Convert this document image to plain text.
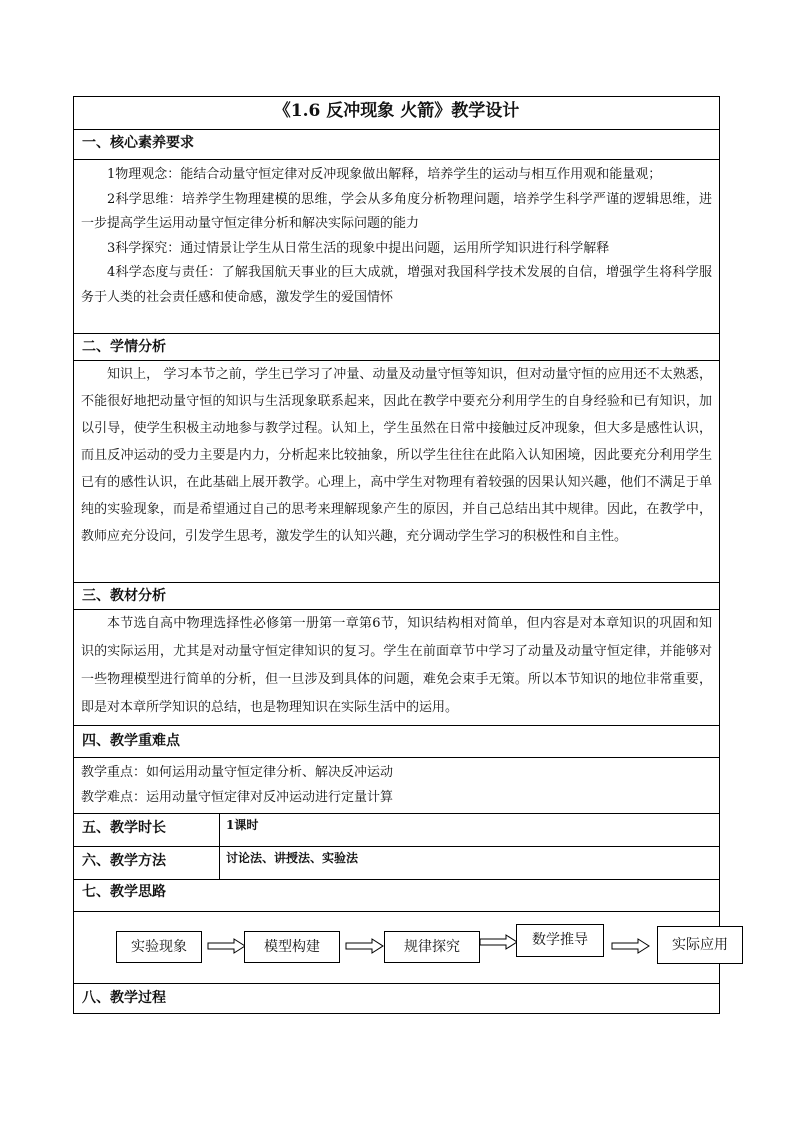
《1.6 反冲现象 火箭》教学设计
一、核心素养要求

1物理观念：能结合动量守恒定律对反冲现象做出解释，培养学生的运动与相互作用观和能量观；

2科学思维：培养学生物理建模的思维，学会从多角度分析物理问题，培养学生科学严谨的逻辑思维，进一步提高学生运用动量守恒定律分析和解决实际问题的能力

3科学探究：通过情景让学生从日常生活的现象中提出问题，运用所学知识进行科学解释

4科学态度与责任：了解我国航天事业的巨大成就，增强对我国科学技术发展的自信，增强学生将科学服务于人类的社会责任感和使命感，激发学生的爱国情怀

二、学情分析

知识上， 学习本节之前，学生已学习了冲量、动量及动量守恒等知识，但对动量守恒的应用还不太熟悉，不能很好地把动量守恒的知识与生活现象联系起来，因此在教学中要充分利用学生的自身经验和已有知识，加以引导，使学生积极主动地参与教学过程。认知上，学生虽然在日常中接触过反冲现象，但大多是感性认识，而且反冲运动的受力主要是内力，分析起来比较抽象，所以学生往往在此陷入认知困境，因此要充分利用学生已有的感性认识，在此基础上展开教学。心理上，高中学生对物理有着较强的因果认知兴趣，他们不满足于单纯的实验现象，而是希望通过自己的思考来理解现象产生的原因，并自己总结出其中规律。因此，在教学中，教师应充分设问，引发学生思考，激发学生的认知兴趣，充分调动学生学习的积极性和自主性。

三、教材分析

本节选自高中物理选择性必修第一册第一章第6节，知识结构相对简单，但内容是对本章知识的巩固和知识的实际运用，尤其是对动量守恒定律知识的复习。学生在前面章节中学习了动量及动量守恒定律，并能够对一些物理模型进行简单的分析，但一旦涉及到具体的问题，难免会束手无策。所以本节知识的地位非常重要，即是对本章所学知识的总结，也是物理知识在实际生活中的运用。

四、教学重难点
教学重点：如何运用动量守恒定律分析、解决反冲运动
教学难点：运用动量守恒定律对反冲运动进行定量计算
五、教学时长	1课时
六、教学方法	讨论法、讲授法、实验法
七、教学思路
实验现象	模型构建	规律探究	数学推导	实际应用
八、教学过程
